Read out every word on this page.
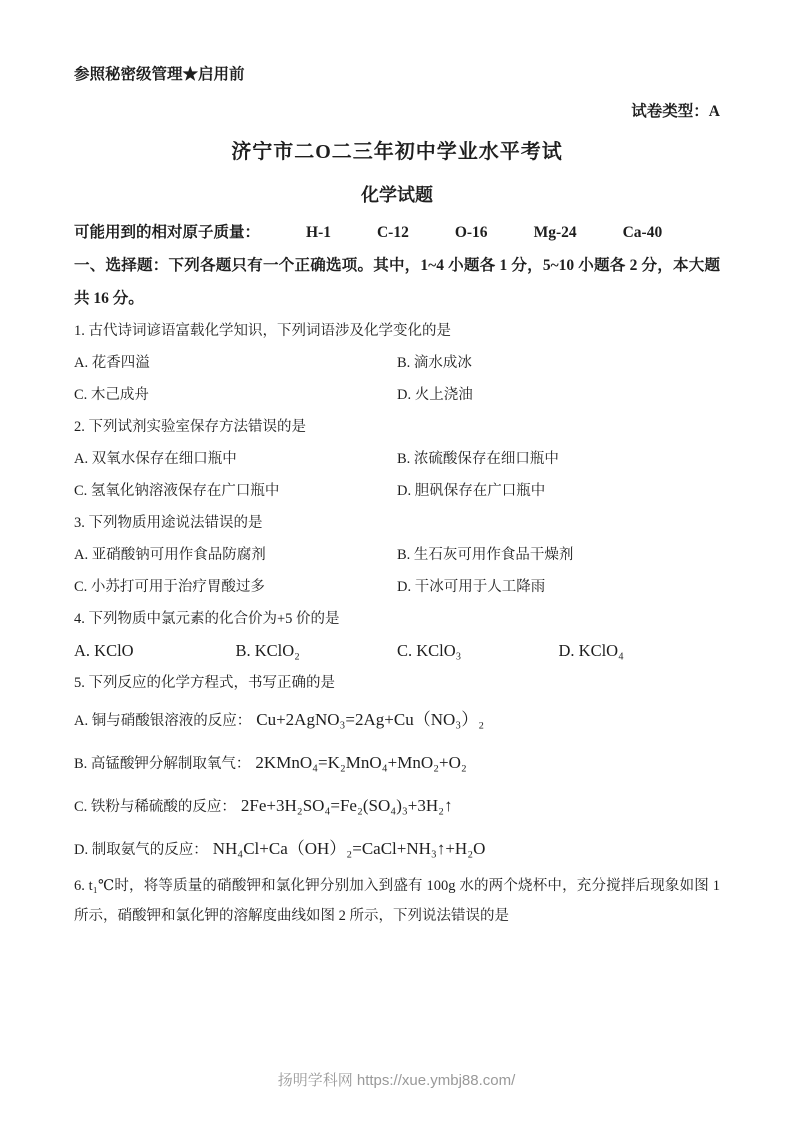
参照秘密级管理★启用前
试卷类型：A
济宁市二O二三年初中学业水平考试
化学试题
可能用到的相对原子质量：	H-1	C-12	O-16	Mg-24	Ca-40
一、选择题：下列各题只有一个正确选项。其中，1~4 小题各 1 分，5~10 小题各 2 分，本大题共 16 分。
1. 古代诗词谚语富载化学知识，下列词语涉及化学变化的是
A. 花香四溢	B. 滴水成冰
C. 木己成舟	D. 火上浇油
2. 下列试剂实验室保存方法错误的是
A. 双氧水保存在细口瓶中	B. 浓硫酸保存在细口瓶中
C. 氢氧化钠溶液保存在广口瓶中	D. 胆矾保存在广口瓶中
3. 下列物质用途说法错误的是
A. 亚硝酸钠可用作食品防腐剂	B. 生石灰可用作食品干燥剂
C. 小苏打可用于治疗胃酸过多	D. 干冰可用于人工降雨
4. 下列物质中氯元素的化合价为+5 价的是
A. KClO	B. KClO₂	C. KClO₃	D. KClO₄
5. 下列反应的化学方程式，书写正确的是
A. 铜与硝酸银溶液的反应： Cu+2AgNO₃=2Ag+Cu（NO₃）₂
B. 高锰酸钾分解制取氧气： 2KMnO₄=K₂MnO₄+MnO₂+O₂
C. 铁粉与稀硫酸的反应： 2Fe+3H₂SO₄=Fe₂(SO₄)₃+3H₂↑
D. 制取氨气的反应： NH₄Cl+Ca（OH）₂=CaCl+NH₃↑+H₂O
6. t₁℃时，将等质量的硝酸钾和氯化钾分别加入到盛有 100g 水的两个烧杯中，充分搅拌后现象如图 1 所示，硝酸钾和氯化钾的溶解度曲线如图 2 所示，下列说法错误的是
扬明学科网 https://xue.ymbj88.com/
